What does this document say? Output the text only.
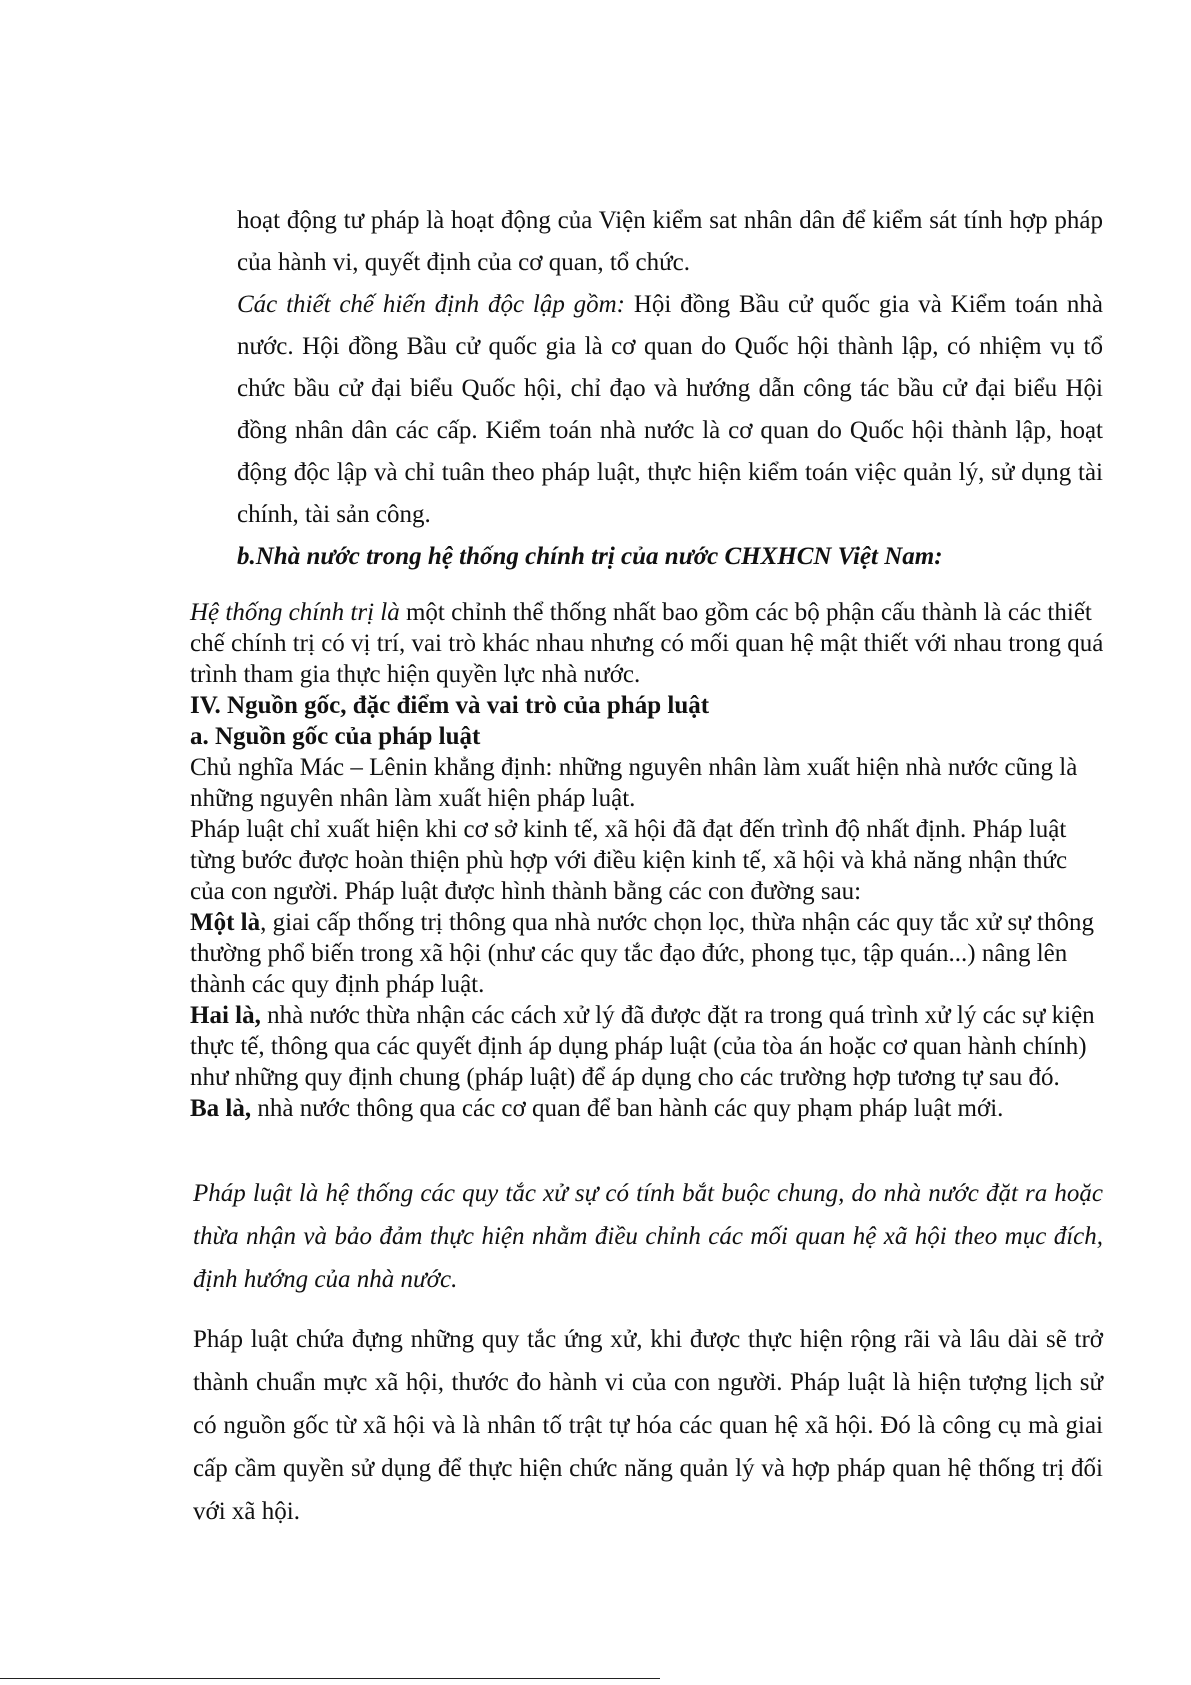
hoạt động tư pháp là hoạt động của Viện kiểm sat nhân dân để kiểm sát tính hợp pháp của hành vi, quyết định của cơ quan, tổ chức.

Các thiết chế hiến định độc lập gồm: Hội đồng Bầu cử quốc gia và Kiểm toán nhà nước. Hội đồng Bầu cử quốc gia là cơ quan do Quốc hội thành lập, có nhiệm vụ tổ chức bầu cử đại biểu Quốc hội, chỉ đạo và hướng dẫn công tác bầu cử đại biểu Hội đồng nhân dân các cấp. Kiểm toán nhà nước là cơ quan do Quốc hội thành lập, hoạt động độc lập và chỉ tuân theo pháp luật, thực hiện kiểm toán việc quản lý, sử dụng tài chính, tài sản công.

b.Nhà nước trong hệ thống chính trị của nước CHXHCN Việt Nam:

Hệ thống chính trị là một chỉnh thể thống nhất bao gồm các bộ phận cấu thành là các thiết chế chính trị có vị trí, vai trò khác nhau nhưng có mối quan hệ mật thiết với nhau trong quá trình tham gia thực hiện quyền lực nhà nước.

IV. Nguồn gốc, đặc điểm và vai trò của pháp luật

a. Nguồn gốc của pháp luật

Chủ nghĩa Mác – Lênin khẳng định: những nguyên nhân làm xuất hiện nhà nước cũng là những nguyên nhân làm xuất hiện pháp luật.

Pháp luật chỉ xuất hiện khi cơ sở kinh tế, xã hội đã đạt đến trình độ nhất định. Pháp luật từng bước được hoàn thiện phù hợp với điều kiện kinh tế, xã hội và khả năng nhận thức của con người. Pháp luật được hình thành bằng các con đường sau:

Một là, giai cấp thống trị thông qua nhà nước chọn lọc, thừa nhận các quy tắc xử sự thông thường phổ biến trong xã hội (như các quy tắc đạo đức, phong tục, tập quán...) nâng lên thành các quy định pháp luật.

Hai là, nhà nước thừa nhận các cách xử lý đã được đặt ra trong quá trình xử lý các sự kiện thực tế, thông qua các quyết định áp dụng pháp luật (của tòa án hoặc cơ quan hành chính) như những quy định chung (pháp luật) để áp dụng cho các trường hợp tương tự sau đó.

Ba là, nhà nước thông qua các cơ quan để ban hành các quy phạm pháp luật mới.

Pháp luật là hệ thống các quy tắc xử sự có tính bắt buộc chung, do nhà nước đặt ra hoặc thừa nhận và bảo đảm thực hiện nhằm điều chỉnh các mối quan hệ xã hội theo mục đích, định hướng của nhà nước.

Pháp luật chứa đựng những quy tắc ứng xử, khi được thực hiện rộng rãi và lâu dài sẽ trở thành chuẩn mực xã hội, thước đo hành vi của con người. Pháp luật là hiện tượng lịch sử có nguồn gốc từ xã hội và là nhân tố trật tự hóa các quan hệ xã hội. Đó là công cụ mà giai cấp cầm quyền sử dụng để thực hiện chức năng quản lý và hợp pháp quan hệ thống trị đối với xã hội.
